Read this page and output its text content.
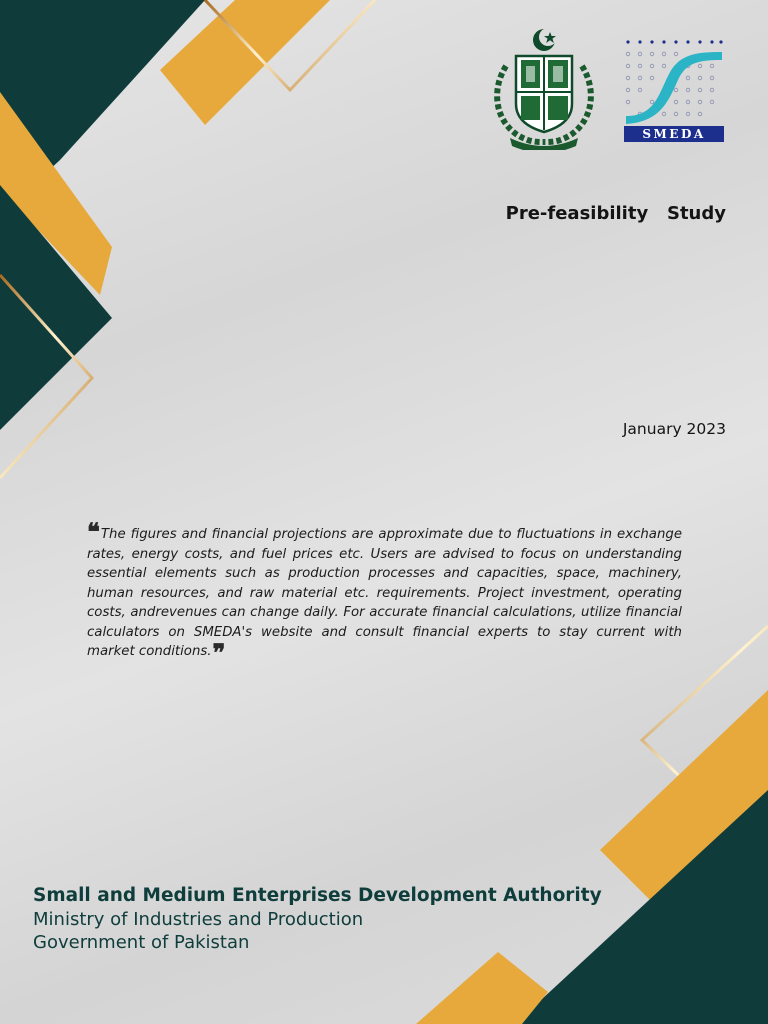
SMEDA
Pre-feasibility   Study

January 2023

❝The figures and financial projections are approximate due to fluctuations in exchange rates, energy costs, and fuel prices etc. Users are advised to focus on understanding essential elements such as production processes and capacities, space, machinery, human resources, and raw material etc. requirements. Project investment, operating costs, andrevenues can change daily. For accurate financial calculations, utilize financial calculators on SMEDA's website and consult financial experts to stay current with market conditions.❞

Small and Medium Enterprises Development Authority
Ministry of Industries and Production
Government of Pakistan
